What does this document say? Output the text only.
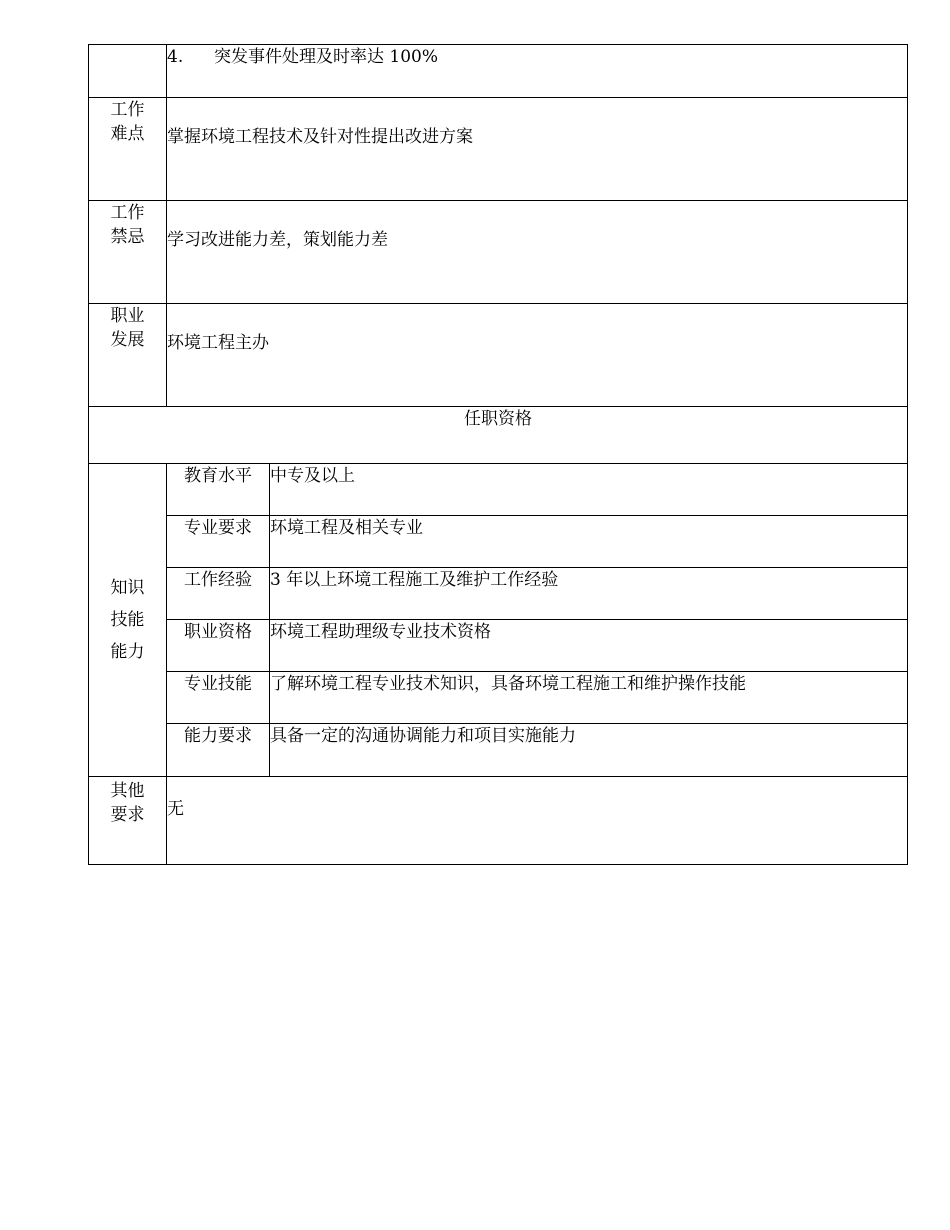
	4. 突发事件处理及时率达 100%	

工作
难点	掌握环境工程技术及针对性提出改进方案	

工作
禁忌	学习改进能力差，策划能力差	

职业
发展	环境工程主办	
任职资格		

知识
技能
能力	教育水平	中专及以上
	专业要求	环境工程及相关专业
	工作经验	3 年以上环境工程施工及维护工作经验
	职业资格	环境工程助理级专业技术资格
	专业技能	了解环境工程专业技术知识，具备环境工程施工和维护操作技能
	能力要求	具备一定的沟通协调能力和项目实施能力

其他
要求	无	
